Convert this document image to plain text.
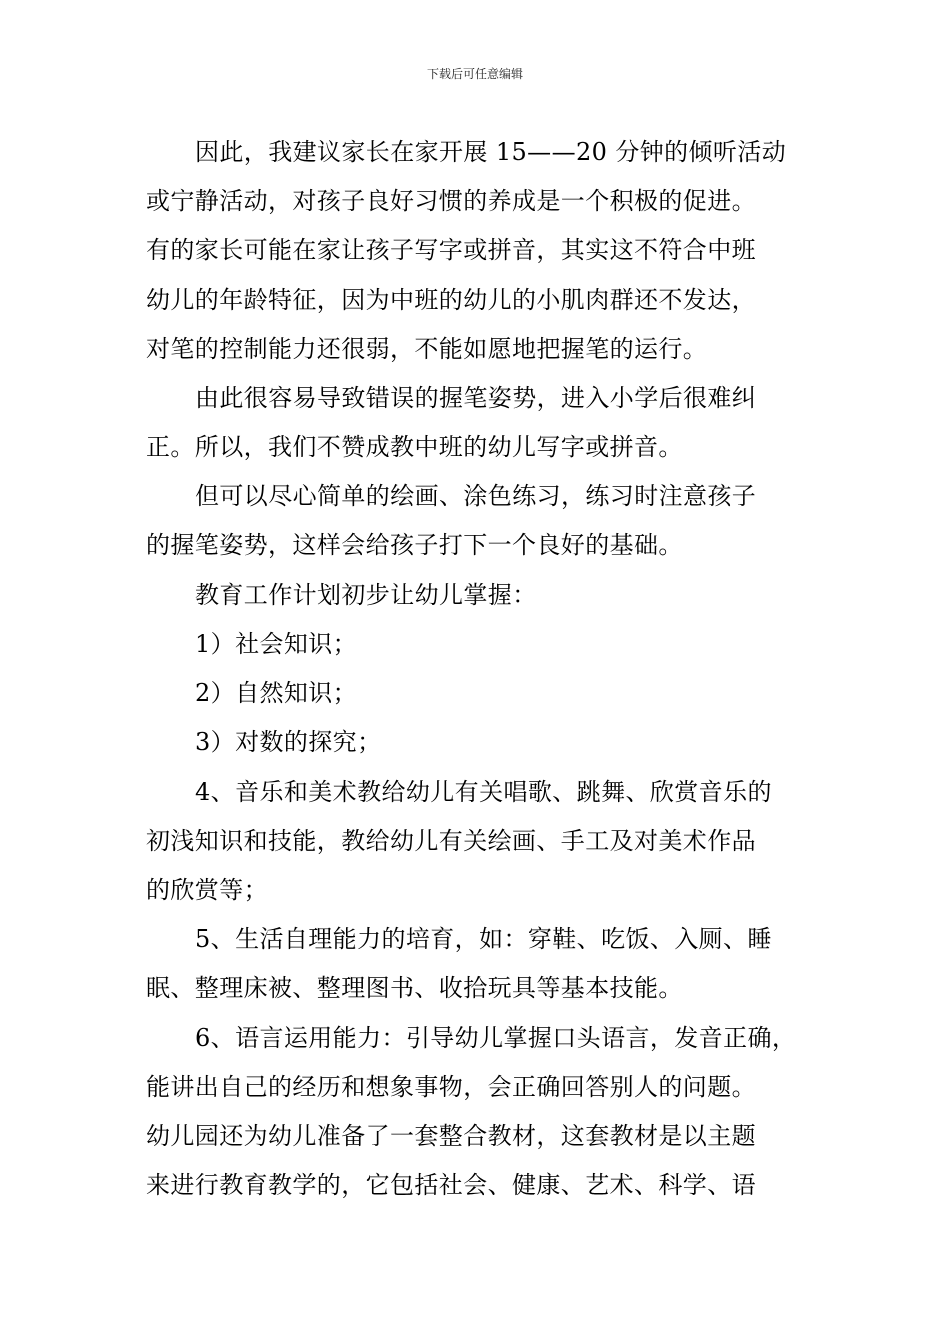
下载后可任意编辑
因此，我建议家长在家开展 15——20 分钟的倾听活动
或宁静活动，对孩子良好习惯的养成是一个积极的促进。
有的家长可能在家让孩子写字或拼音，其实这不符合中班
幼儿的年龄特征，因为中班的幼儿的小肌肉群还不发达，
对笔的控制能力还很弱，不能如愿地把握笔的运行。
由此很容易导致错误的握笔姿势，进入小学后很难纠
正。所以，我们不赞成教中班的幼儿写字或拼音。
但可以尽心简单的绘画、涂色练习，练习时注意孩子
的握笔姿势，这样会给孩子打下一个良好的基础。
教育工作计划初步让幼儿掌握：
1）社会知识；
2）自然知识；
3）对数的探究；
4、音乐和美术教给幼儿有关唱歌、跳舞、欣赏音乐的
初浅知识和技能，教给幼儿有关绘画、手工及对美术作品
的欣赏等；
5、生活自理能力的培育，如：穿鞋、吃饭、入厕、睡
眠、整理床被、整理图书、收拾玩具等基本技能。
6、语言运用能力：引导幼儿掌握口头语言，发音正确，
能讲出自己的经历和想象事物，会正确回答别人的问题。
幼儿园还为幼儿准备了一套整合教材，这套教材是以主题
来进行教育教学的，它包括社会、健康、艺术、科学、语
